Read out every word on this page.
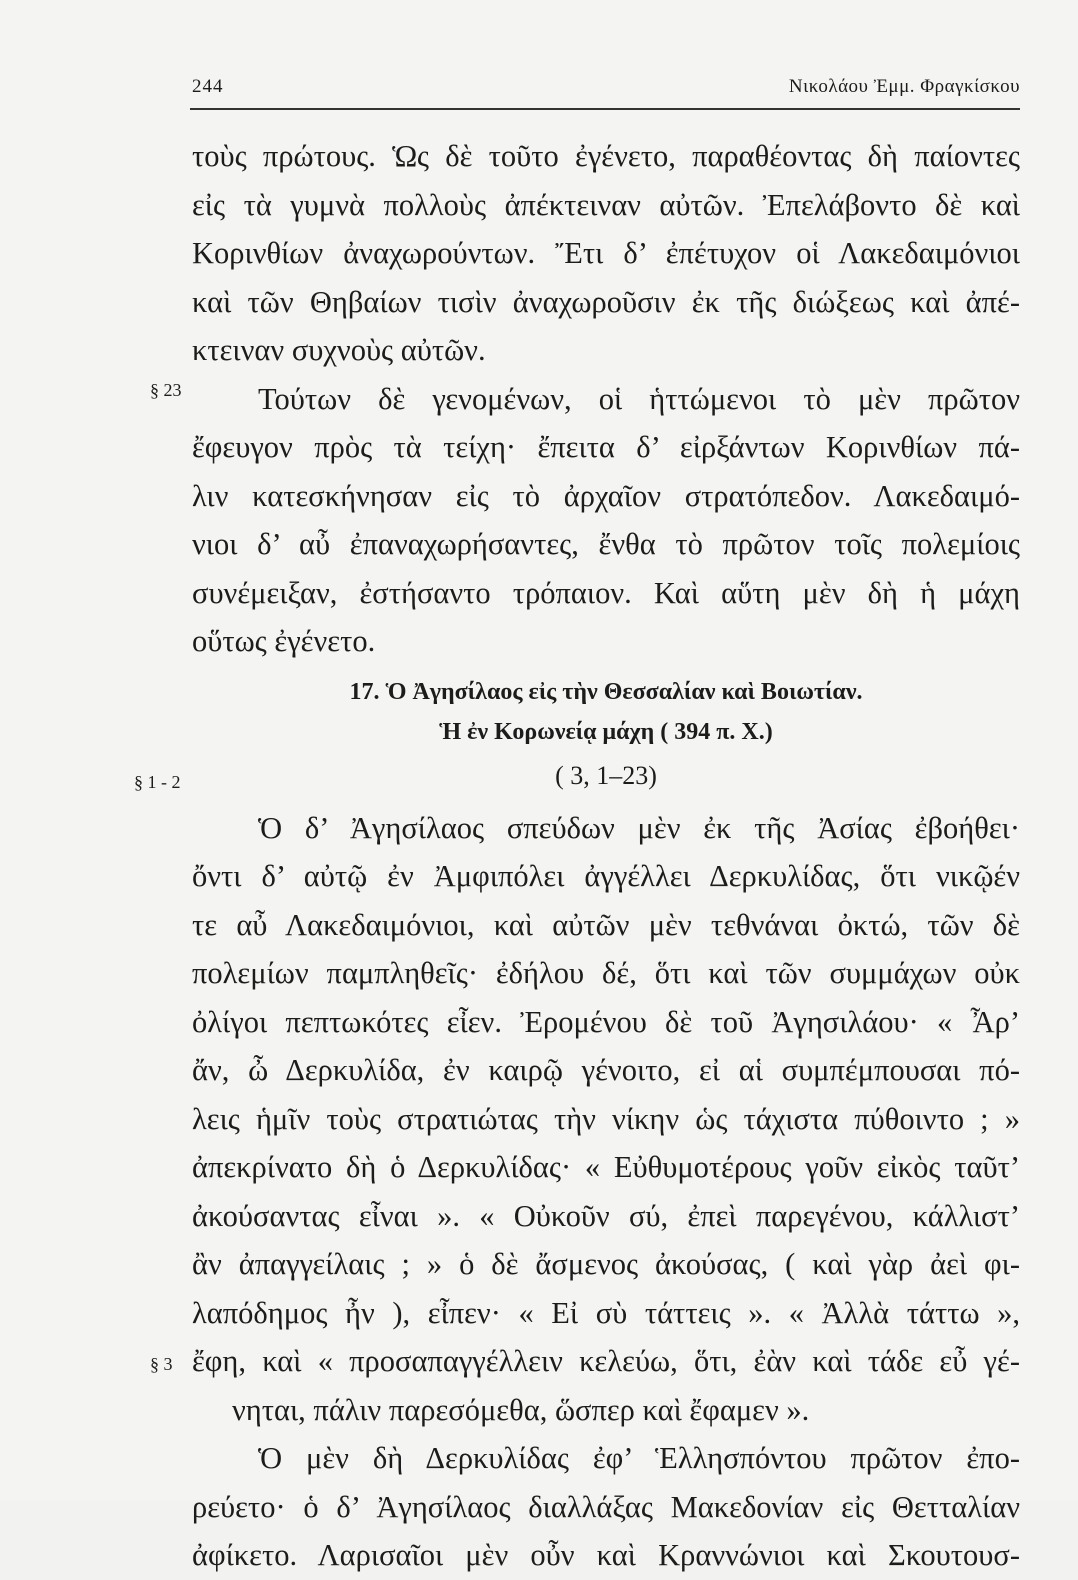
244	Νικολάου Ἐμμ. Φραγκίσκου
§ 23
§ 1 - 2
§ 3
τοὺς πρώτους. Ὡς δὲ τοῦτο ἐγένετο, παραθέοντας δὴ παίοντες
εἰς τὰ γυμνὰ πολλοὺς ἀπέκτειναν αὐτῶν. Ἐπελάβοντο δὲ καὶ
Κορινθίων ἀναχωρούντων. Ἔτι δ’ ἐπέτυχον οἱ Λακεδαιμόνιοι
καὶ τῶν Θηβαίων τισὶν ἀναχωροῦσιν ἐκ τῆς διώξεως καὶ ἀπέ-
κτειναν συχνοὺς αὐτῶν.
Τούτων δὲ γενομένων, οἱ ἡττώμενοι τὸ μὲν πρῶτον
ἔφευγον πρὸς τὰ τείχη· ἔπειτα δ’ εἰρξάντων Κορινθίων πά-
λιν κατεσκήνησαν εἰς τὸ ἀρχαῖον στρατόπεδον. Λακεδαιμό-
νιοι δ’ αὖ ἐπαναχωρήσαντες, ἔνθα τὸ πρῶτον τοῖς πολεμίοις
συνέμειξαν, ἐστήσαντο τρόπαιον. Καὶ αὕτη μὲν δὴ ἡ μάχη
οὕτως ἐγένετο.
17. Ὁ Ἀγησίλαος εἰς τὴν Θεσσαλίαν καὶ Βοιωτίαν.
Ἡ ἐν Κορωνείᾳ μάχη ( 394 π. Χ.)
( 3, 1–23)
Ὁ δ’ Ἀγησίλαος σπεύδων μὲν ἐκ τῆς Ἀσίας ἐβοήθει·
ὄντι δ’ αὐτῷ ἐν Ἀμφιπόλει ἀγγέλλει Δερκυλίδας, ὅτι νικῷέν
τε αὖ Λακεδαιμόνιοι, καὶ αὐτῶν μὲν τεθνάναι ὀκτώ, τῶν δὲ
πολεμίων παμπληθεῖς· ἐδήλου δέ, ὅτι καὶ τῶν συμμάχων οὐκ
ὀλίγοι πεπτωκότες εἶεν. Ἐρομένου δὲ τοῦ Ἀγησιλάου· « Ἆρ’
ἄν, ὦ Δερκυλίδα, ἐν καιρῷ γένοιτο, εἰ αἱ συμπέμπουσαι πό-
λεις ἡμῖν τοὺς στρατιώτας τὴν νίκην ὡς τάχιστα πύθοιντο ; »
ἀπεκρίνατο δὴ ὁ Δερκυλίδας· « Εὐθυμοτέρους γοῦν εἰκὸς ταῦτ’
ἀκούσαντας εἶναι ». « Οὐκοῦν σύ, ἐπεὶ παρεγένου, κάλλιστ’
ἂν ἀπαγγείλαις ; » ὁ δὲ ἄσμενος ἀκούσας, ( καὶ γὰρ ἀεὶ φι-
λαπόδημος ἦν ), εἶπεν· « Εἰ σὺ τάττεις ». « Ἀλλὰ τάττω »,
ἔφη, καὶ « προσαπαγγέλλειν κελεύω, ὅτι, ἐὰν καὶ τάδε εὖ γέ-
νηται, πάλιν παρεσόμεθα, ὥσπερ καὶ ἔφαμεν ».
Ὁ μὲν δὴ Δερκυλίδας ἐφ’ Ἑλλησπόντου πρῶτον ἐπο-
ρεύετο· ὁ δ’ Ἀγησίλαος διαλλάξας Μακεδονίαν εἰς Θετταλίαν
ἀφίκετο. Λαρισαῖοι μὲν οὖν καὶ Κραννώνιοι καὶ Σκουτουσ-
